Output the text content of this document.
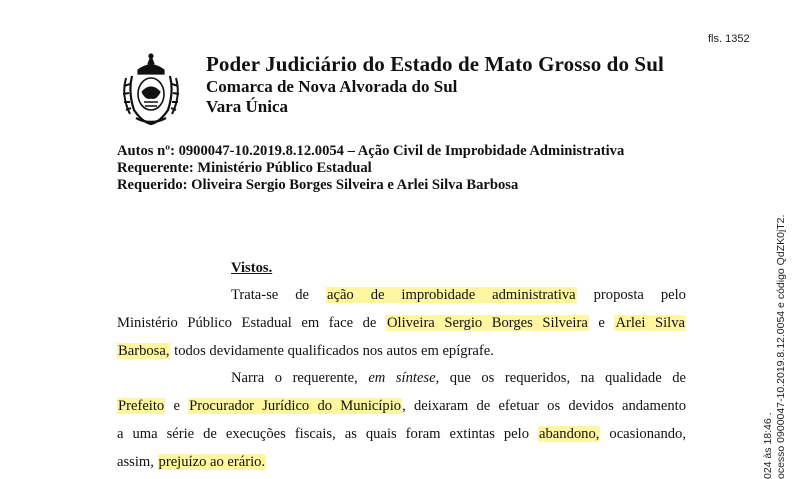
fls. 1352
Poder Judiciário do Estado de Mato Grosso do Sul
Comarca de Nova Alvorada do Sul
Vara Única
Autos nº: 0900047-10.2019.8.12.0054 – Ação Civil de Improbidade Administrativa
Requerente: Ministério Público Estadual
Requerido: Oliveira Sergio Borges Silveira e Arlei Silva Barbosa
Vistos.
Trata-se de ação de improbidade administrativa proposta pelo
Ministério Público Estadual em face de Oliveira Sergio Borges Silveira e Arlei Silva
Barbosa, todos devidamente qualificados nos autos em epígrafe.
Narra o requerente, em síntese, que os requeridos, na qualidade de
Prefeito e Procurador Jurídico do Município, deixaram de efetuar os devidos andamento
a uma série de execuções fiscais, as quais foram extintas pelo abandono, ocasionando,
assim, prejuízo ao erário.	024 às 18:46 . ocesso 0900047-10.2019.8.12.0054 e código QdZK0jT2.
